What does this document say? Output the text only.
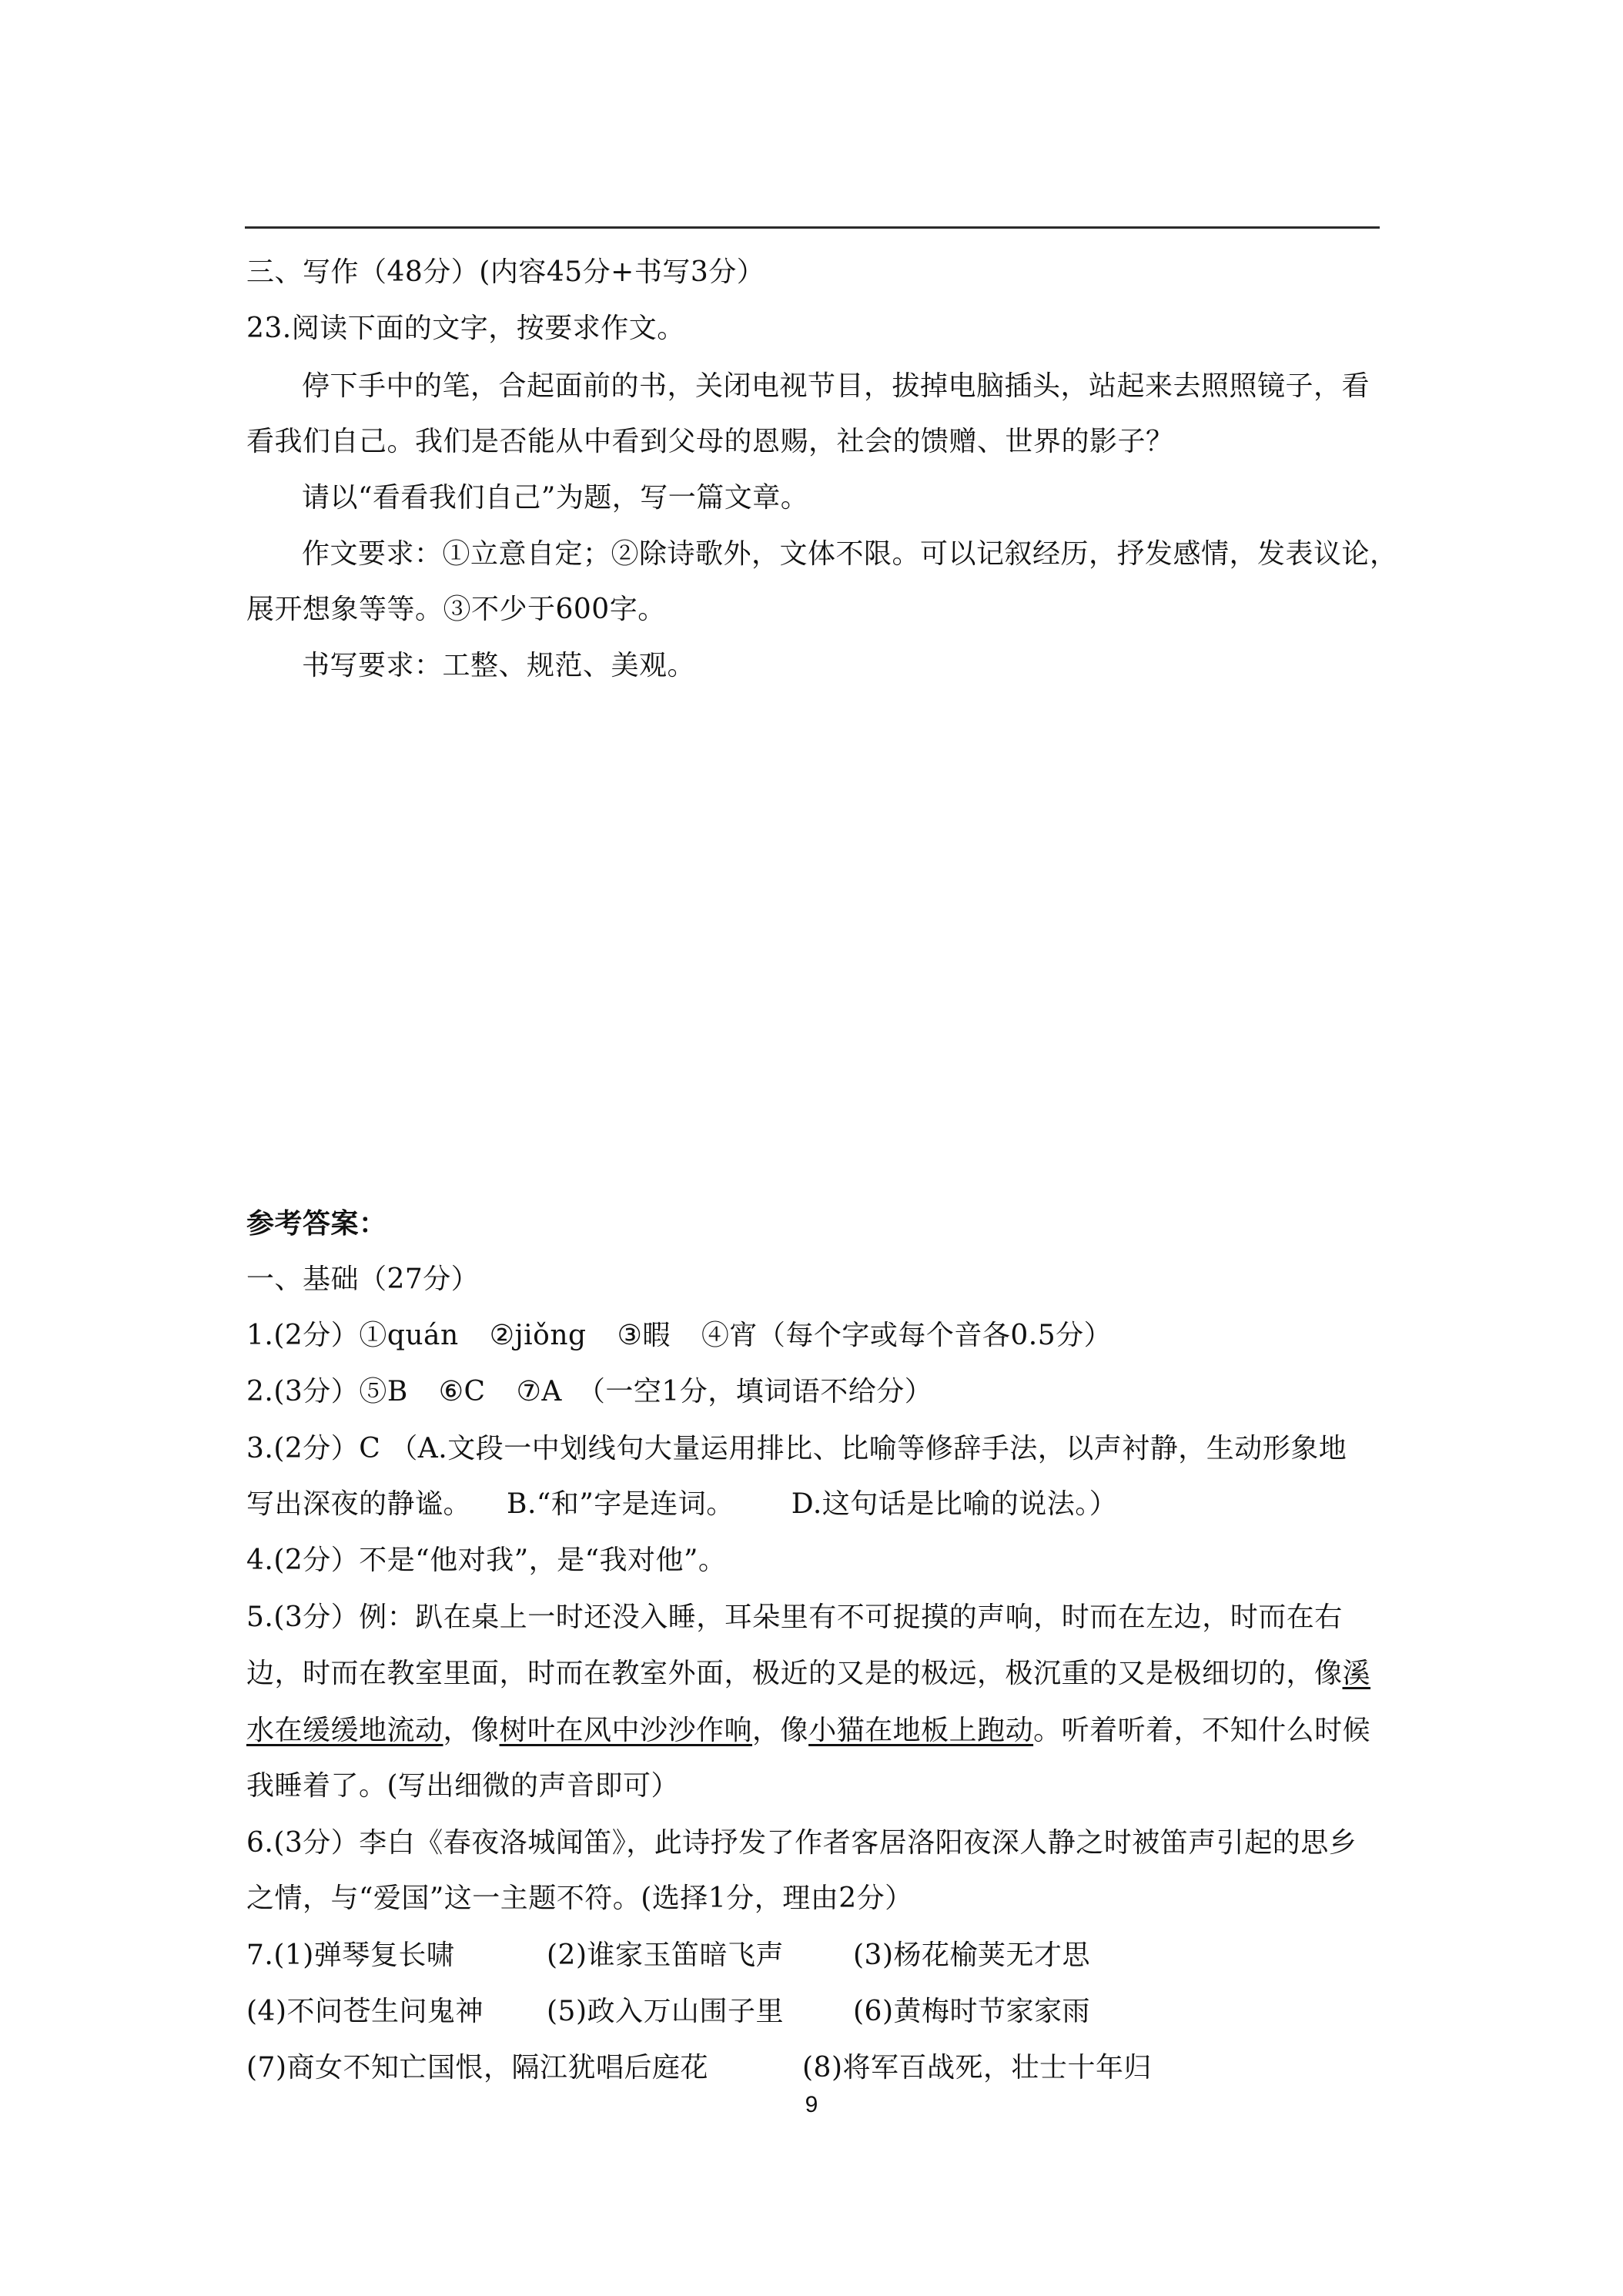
三、写作（48分）(内容45分+书写3分）
23.阅读下面的文字，按要求作文。
停下手中的笔，合起面前的书，关闭电视节目，拔掉电脑插头，站起来去照照镜子，看
看我们自己。我们是否能从中看到父母的恩赐，社会的馈赠、世界的影子？
请以“看看我们自己”为题，写一篇文章。
作文要求：①立意自定；②除诗歌外，文体不限。可以记叙经历，抒发感情，发表议论，
展开想象等等。③不少于600字。
书写要求：工整、规范、美观。
参考答案：
一、基础（27分）
1.(2分）①quán ②jiǒng ③暇 ④宵（每个字或每个音各0.5分）
2.(3分）⑤B ⑥C ⑦A （一空1分，填词语不给分）
3.(2分）C （A.文段一中划线句大量运用排比、比喻等修辞手法，以声衬静，生动形象地
写出深夜的静谧。 B.“和”字是连词。 D.这句话是比喻的说法。）
4.(2分）不是“他对我”，是“我对他”。
5.(3分）例：趴在桌上一时还没入睡，耳朵里有不可捉摸的声响，时而在左边，时而在右
边，时而在教室里面，时而在教室外面，极近的又是的极远，极沉重的又是极细切的，像溪
水在缓缓地流动，像树叶在风中沙沙作响，像小猫在地板上跑动。听着听着，不知什么时候
我睡着了。(写出细微的声音即可）
6.(3分）李白《春夜洛城闻笛》，此诗抒发了作者客居洛阳夜深人静之时被笛声引起的思乡
之情，与“爱国”这一主题不符。(选择1分，理由2分）
7.(1)弹琴复长啸	(2)谁家玉笛暗飞声	(3)杨花榆荚无才思
(4)不问苍生问鬼神 (5)政入万山围子里	(6)黄梅时节家家雨
(7)商女不知亡国恨，隔江犹唱后庭花	(8)将军百战死，壮士十年归
9
